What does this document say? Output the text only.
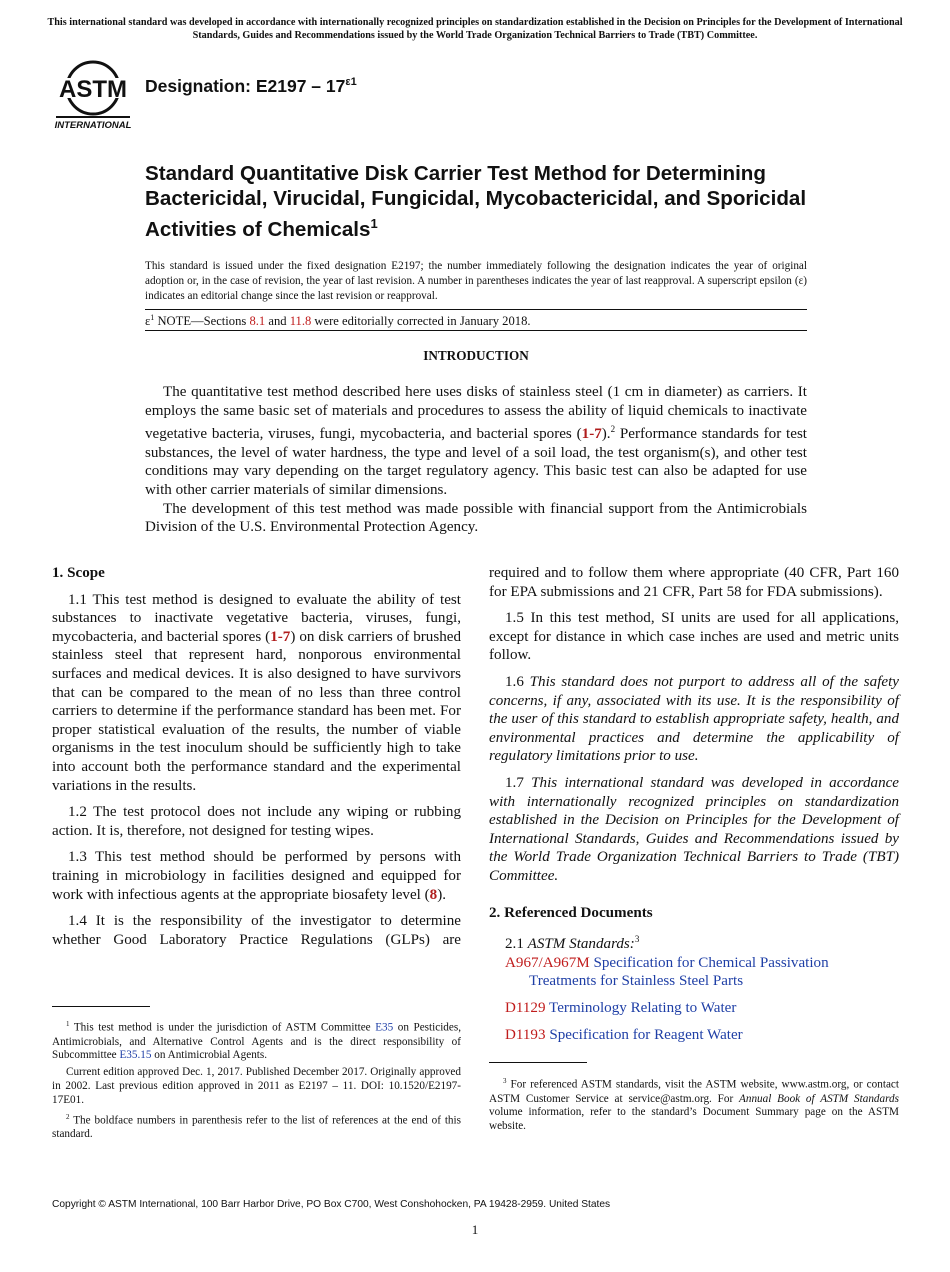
This international standard was developed in accordance with internationally recognized principles on standardization established in the Decision on Principles for the Development of International Standards, Guides and Recommendations issued by the World Trade Organization Technical Barriers to Trade (TBT) Committee.
ASTM
INTERNATIONAL
Designation: $E2197 - 17^{\varepsilon 1}$
Standard Quantitative Disk Carrier Test Method for Determining Bactericidal, Virucidal, Fungicidal, Mycobactericidal, and Sporicidal Activities of Chemicals$^1$
This standard is issued under the fixed designation E2197; the number immediately following the designation indicates the year of original adoption or, in the case of revision, the year of last revision. A number in parentheses indicates the year of last reapproval. A superscript epsilon (ε) indicates an editorial change since the last revision or reapproval.
$\varepsilon^1$ NOTE—Sections 8.1 and 11.8 were editorially corrected in January 2018.
INTRODUCTION

The quantitative test method described here uses disks of stainless steel (1 cm in diameter) as carriers. It employs the same basic set of materials and procedures to assess the ability of liquid chemicals to inactivate vegetative bacteria, viruses, fungi, mycobacteria, and bacterial spores (1-7).$^2$ Performance standards for test substances, the level of water hardness, the type and level of a soil load, the test organism(s), and other test conditions may vary depending on the target regulatory agency. This basic test can also be adapted for use with other carrier materials of similar dimensions.

The development of this test method was made possible with financial support from the Antimicrobials Division of the U.S. Environmental Protection Agency.

1. Scope

1.1 This test method is designed to evaluate the ability of test substances to inactivate vegetative bacteria, viruses, fungi, mycobacteria, and bacterial spores (1-7) on disk carriers of brushed stainless steel that represent hard, nonporous environmental surfaces and medical devices. It is also designed to have survivors that can be compared to the mean of no less than three control carriers to determine if the performance standard has been met. For proper statistical evaluation of the results, the number of viable organisms in the test inoculum should be sufficiently high to take into account both the performance standard and the experimental variations in the results.

1.2 The test protocol does not include any wiping or rubbing action. It is, therefore, not designed for testing wipes.

1.3 This test method should be performed by persons with training in microbiology in facilities designed and equipped for work with infectious agents at the appropriate biosafety level (8).

1.4 It is the responsibility of the investigator to determine whether Good Laboratory Practice Regulations (GLPs) are

required and to follow them where appropriate (40 CFR, Part 160 for EPA submissions and 21 CFR, Part 58 for FDA submissions).

1.5 In this test method, SI units are used for all applications, except for distance in which case inches are used and metric units follow.

1.6 This standard does not purport to address all of the safety concerns, if any, associated with its use. It is the responsibility of the user of this standard to establish appropriate safety, health, and environmental practices and determine the applicability of regulatory limitations prior to use.

1.7 This international standard was developed in accordance with internationally recognized principles on standardization established in the Decision on Principles for the Development of International Standards, Guides and Recommendations issued by the World Trade Organization Technical Barriers to Trade (TBT) Committee.

2. Referenced Documents

2.1 ASTM Standards:$^3$

A967/A967M Specification for Chemical Passivation Treatments for Stainless Steel Parts

D1129 Terminology Relating to Water

D1193 Specification for Reagent Water

$^1$ This test method is under the jurisdiction of ASTM Committee E35 on Pesticides, Antimicrobials, and Alternative Control Agents and is the direct responsibility of Subcommittee E35.15 on Antimicrobial Agents.

Current edition approved Dec. 1, 2017. Published December 2017. Originally approved in 2002. Last previous edition approved in 2011 as E2197 – 11. DOI: 10.1520/E2197-17E01.

$^2$ The boldface numbers in parenthesis refer to the list of references at the end of this standard.

$^3$ For referenced ASTM standards, visit the ASTM website, www.astm.org, or contact ASTM Customer Service at service@astm.org. For Annual Book of ASTM Standards volume information, refer to the standard’s Document Summary page on the ASTM website.

Copyright © ASTM International, 100 Barr Harbor Drive, PO Box C700, West Conshohocken, PA 19428-2959. United States
1
